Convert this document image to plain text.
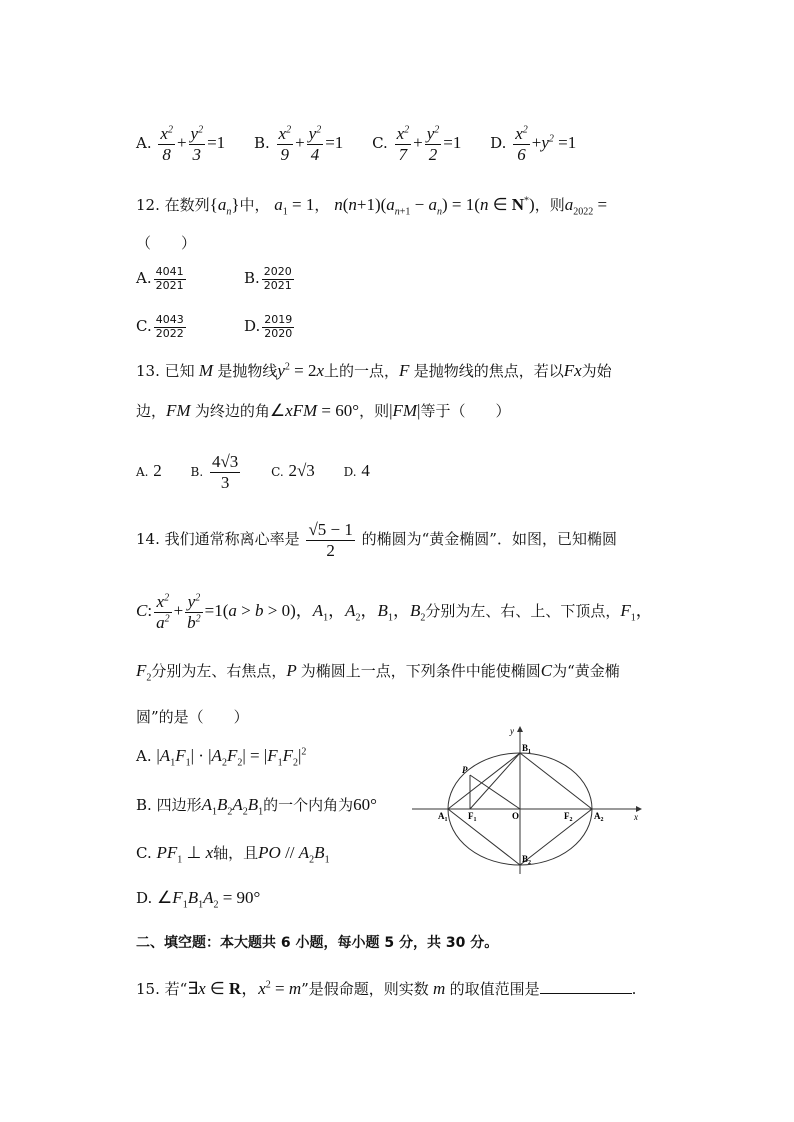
A. $\frac{x^2}{8} + \frac{y^2}{3} =1$ B. $\frac{x^2}{9} + \frac{y^2}{4} =1$ C. $\frac{x^2}{7} + \frac{y^2}{2} =1$ D. $\frac{x^2}{6} +y^2 =1$
12. 在数列$\{a_n\}$中， $a_1 = 1$， $n(n+1)(a_{n+1} - a_n) = 1(n$ ∈ N*)，则$a_{2022}$ =
（　　）
A. $\frac{4041}{2021}$	B. $\frac{2020}{2021}$
C. $\frac{4043}{2022}$	D. $\frac{2019}{2020}$
13. 已知 M 是抛物线$y^2 = 2x$上的一点，F 是抛物线的焦点，若以Fx为始
边，FM 为终边的角∠xFM = 60°，则|FM|等于（　　）
A. 2 B. $\frac{4√3}{3}$	C. 2√3 D. 4
14. 我们通常称离心率是 $\frac{√5 - 1}{2}$ 的椭圆为“黄金椭圆”．如图，已知椭圆
C: $\frac{x^2}{a^2} + \frac{y^2}{b^2} =1(a > b > 0)$，$A_1$，$A_2$，$B_1$，$B_2$分别为左、右、上、下顶点，$F_1$，
$F_2$分别为左、右焦点，P 为椭圆上一点，下列条件中能使椭圆C为“黄金椭
圆”的是（　　）
A. $|A_1F_1| \cdot |A_2F_2| = |F_1F_2|^2$
B. 四边形$A_1B_2A_2B_1$的一个内角为60°
C. $PF_1$ ⊥ x轴，且PO // $A_2B_1$
D. $\angle F_1B_1A_2 = 90^\circ$
y
x
$B_1$
$B_2$
P
$A_1$ $F_1$	O	$F_2$ $A_2$
二、填空题：本大题共 6 小题，每小题 5 分，共 30 分。
15. 若“∃x ∈ R，$x^2 = m$”是假命题，则实数 m 的取值范围是	.
